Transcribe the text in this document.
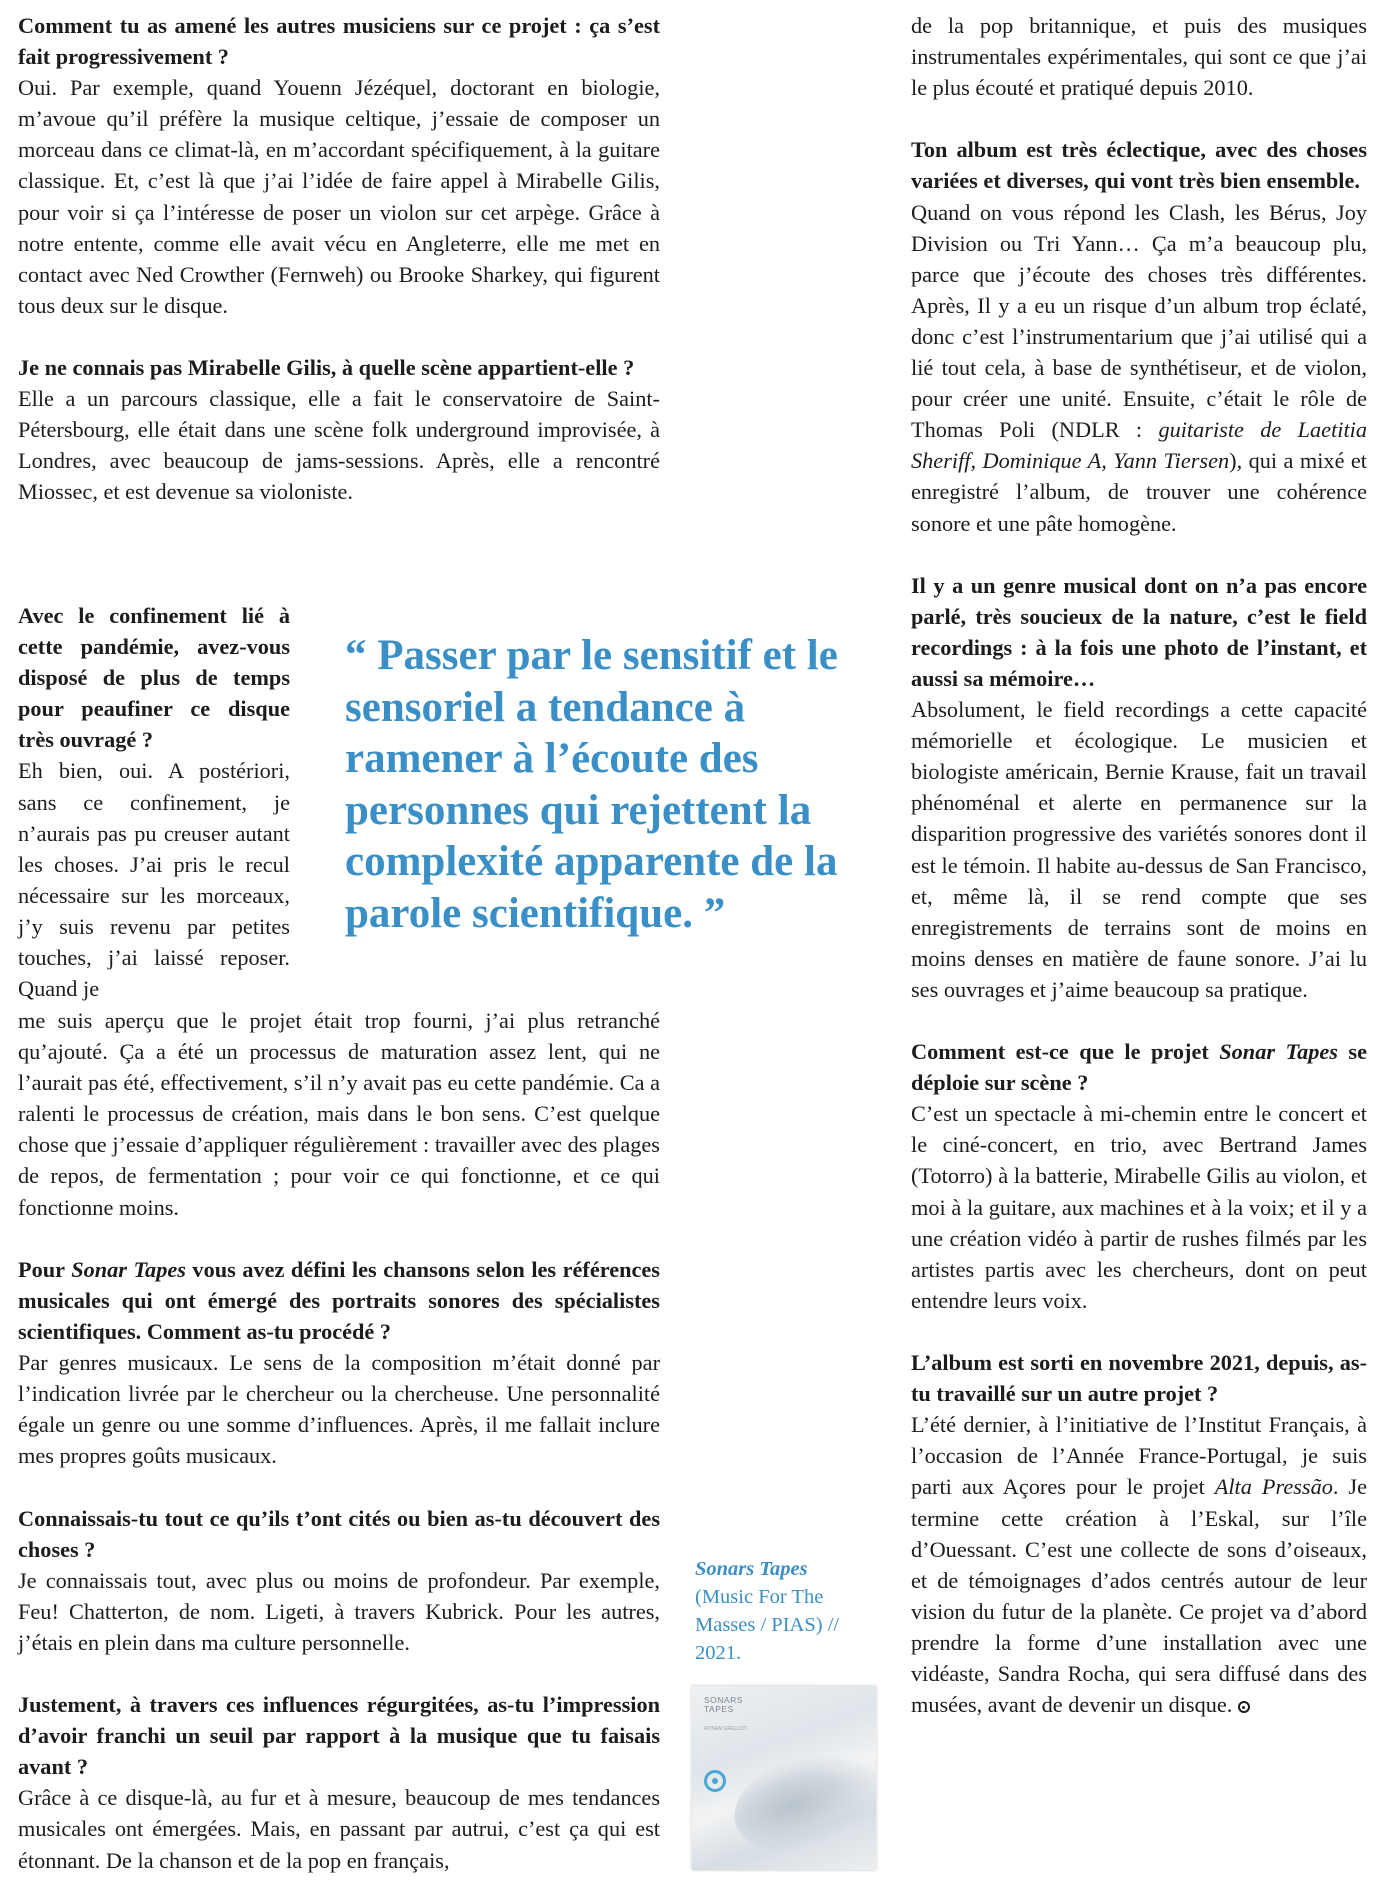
Comment tu as amené les autres musiciens sur ce projet : ça s’est fait progressivement ?

Oui. Par exemple, quand Youenn Jézéquel, doctorant en biologie, m’avoue qu’il préfère la musique celtique, j’essaie de composer un morceau dans ce climat-là, en m’accordant spécifiquement, à la guitare classique. Et, c’est là que j’ai l’idée de faire appel à Mirabelle Gilis, pour voir si ça l’intéresse de poser un violon sur cet arpège. Grâce à notre entente, comme elle avait vécu en Angleterre, elle me met en contact avec Ned Crowther (Fernweh) ou Brooke Sharkey, qui figurent tous deux sur le disque.

Je ne connais pas Mirabelle Gilis, à quelle scène appartient-elle ?

Elle a un parcours classique, elle a fait le conservatoire de Saint-Pétersbourg, elle était dans une scène folk underground improvisée, à Londres, avec beaucoup de jams-sessions. Après, elle a rencontré Miossec, et est devenue sa violoniste.

Avec le confinement lié à cette pandémie, avez-vous disposé de plus de temps pour peaufiner ce disque très ouvragé ?

Eh bien, oui. A postériori, sans ce confinement, je n’aurais pas pu creuser autant les choses. J’ai pris le recul nécessaire sur les morceaux, j’y suis revenu par petites touches, j’ai laissé reposer. Quand je

“ Passer par le sensitif et le sensoriel a tendance à ramener à l’écoute des personnes qui rejettent la complexité apparente de la parole scientifique. ”

me suis aperçu que le projet était trop fourni, j’ai plus retranché qu’ajouté. Ça a été un processus de maturation assez lent, qui ne l’aurait pas été, effectivement, s’il n’y avait pas eu cette pandémie. Ca a ralenti le processus de création, mais dans le bon sens. C’est quelque chose que j’essaie d’appliquer régulièrement : travailler avec des plages de repos, de fermentation ; pour voir ce qui fonctionne, et ce qui fonctionne moins.

Pour Sonar Tapes vous avez défini les chansons selon les références musicales qui ont émergé des portraits sonores des spécialistes scientifiques. Comment as-tu procédé ?

Par genres musicaux. Le sens de la composition m’était donné par l’indication livrée par le chercheur ou la chercheuse. Une personnalité égale un genre ou une somme d’influences. Après, il me fallait inclure mes propres goûts musicaux.

Connaissais-tu tout ce qu’ils t’ont cités ou bien as-tu découvert des choses ?

Je connaissais tout, avec plus ou moins de profondeur. Par exemple, Feu! Chatterton, de nom. Ligeti, à travers Kubrick. Pour les autres, j’étais en plein dans ma culture personnelle.

Justement, à travers ces influences régurgitées, as-tu l’impression d’avoir franchi un seuil par rapport à la musique que tu faisais avant ?

Grâce à ce disque-là, au fur et à mesure, beaucoup de mes tendances musicales ont émergées. Mais, en passant par autrui, c’est ça qui est étonnant. De la chanson et de la pop en français,

Sonars Tapes
(Music For The Masses / PIAS) // 2021.
SONARS
TAPES
RONAN GRELLOT

de la pop britannique, et puis des musiques instrumentales expérimentales, qui sont ce que j’ai le plus écouté et pratiqué depuis 2010.

Ton album est très éclectique, avec des choses variées et diverses, qui vont très bien ensemble.

Quand on vous répond les Clash, les Bérus, Joy Division ou Tri Yann… Ça m’a beaucoup plu, parce que j’écoute des choses très différentes. Après, Il y a eu un risque d’un album trop éclaté, donc c’est l’instrumentarium que j’ai utilisé qui a lié tout cela, à base de synthétiseur, et de violon, pour créer une unité. Ensuite, c’était le rôle de Thomas Poli (NDLR : guitariste de Laetitia Sheriff, Dominique A, Yann Tiersen), qui a mixé et enregistré l’album, de trouver une cohérence sonore et une pâte homogène.

Il y a un genre musical dont on n’a pas encore parlé, très soucieux de la nature, c’est le field recordings : à la fois une photo de l’instant, et aussi sa mémoire…

Absolument, le field recordings a cette capacité mémorielle et écologique. Le musicien et biologiste américain, Bernie Krause, fait un travail phénoménal et alerte en permanence sur la disparition progressive des variétés sonores dont il est le témoin. Il habite au-dessus de San Francisco, et, même là, il se rend compte que ses enregistrements de terrains sont de moins en moins denses en matière de faune sonore. J’ai lu ses ouvrages et j’aime beaucoup sa pratique.

Comment est-ce que le projet Sonar Tapes se déploie sur scène ?

C’est un spectacle à mi-chemin entre le concert et le ciné-concert, en trio, avec Bertrand James (Totorro) à la batterie, Mirabelle Gilis au violon, et moi à la guitare, aux machines et à la voix; et il y a une création vidéo à partir de rushes filmés par les artistes partis avec les chercheurs, dont on peut entendre leurs voix.

L’album est sorti en novembre 2021, depuis, as-tu travaillé sur un autre projet ?

L’été dernier, à l’initiative de l’Institut Français, à l’occasion de l’Année France-Portugal, je suis parti aux Açores pour le projet Alta Pressão. Je termine cette création à l’Eskal, sur l’île d’Ouessant. C’est une collecte de sons d’oiseaux, et de témoignages d’ados centrés autour de leur vision du futur de la planète. Ce projet va d’abord prendre la forme d’une installation avec une vidéaste, Sandra Rocha, qui sera diffusé dans des musées, avant de devenir un disque.
